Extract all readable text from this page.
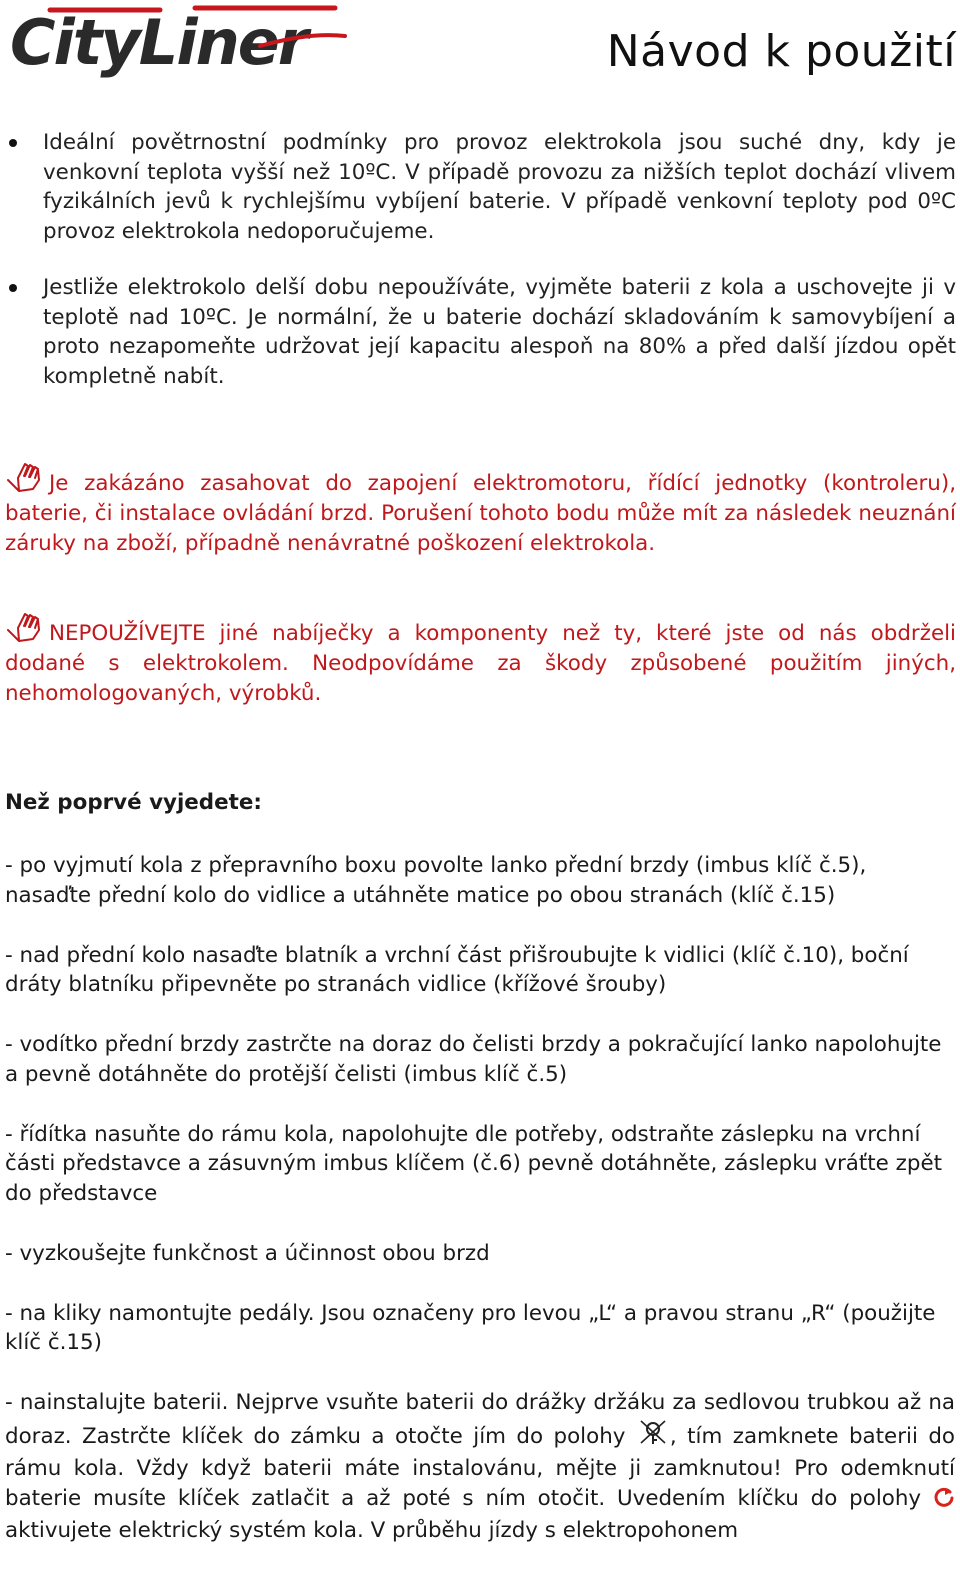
CityLiner	Návod k použití

Ideální povětrnostní podmínky pro provoz elektrokola jsou suché dny, kdy je venkovní teplota vyšší než 10ºC. V případě provozu za nižších teplot dochází vlivem fyzikálních jevů k rychlejšímu vybíjení baterie. V případě venkovní teploty pod 0ºC provoz elektrokola nedoporučujeme.

Jestliže elektrokolo delší dobu nepoužíváte, vyjměte baterii z kola a uschovejte ji v teplotě nad 10ºC. Je normální, že u baterie dochází skladováním k samovybíjení a proto nezapomeňte udržovat její kapacitu alespoň na 80% a před další jízdou opět kompletně nabít.

Je zakázáno zasahovat do zapojení elektromotoru, řídící jednotky (kontroleru), baterie, či instalace ovládání brzd. Porušení tohoto bodu může mít za následek neuznání záruky na zboží, případně nenávratné poškození elektrokola.

NEPOUŽÍVEJTE jiné nabíječky a komponenty než ty, které jste od nás obdrželi dodané s elektrokolem. Neodpovídáme za škody způsobené použitím jiných, nehomologovaných, výrobků.

Než poprvé vyjedete:

- po vyjmutí kola z přepravního boxu povolte lanko přední brzdy (imbus klíč č.5), nasaďte přední kolo do vidlice a utáhněte matice po obou stranách (klíč č.15)

- nad přední kolo nasaďte blatník a vrchní část přišroubujte k vidlici (klíč č.10), boční dráty blatníku připevněte po stranách vidlice (křížové šrouby)

- vodítko přední brzdy zastrčte na doraz do čelisti brzdy a pokračující lanko napolohujte a pevně dotáhněte do protější čelisti (imbus klíč č.5)

- řídítka nasuňte do rámu kola, napolohujte dle potřeby, odstraňte záslepku na vrchní části představce a zásuvným imbus klíčem (č.6) pevně dotáhněte, záslepku vráťte zpět do představce

- vyzkoušejte funkčnost a účinnost obou brzd

- na kliky namontujte pedály. Jsou označeny pro levou „L“ a pravou stranu „R“ (použijte klíč č.15)

- nainstalujte baterii. Nejprve vsuňte baterii do drážky držáku za sedlovou trubkou až na doraz. Zastrčte klíček do zámku a otočte jím do polohy , tím zamknete baterii do rámu kola. Vždy když baterii máte instalovánu, mějte ji zamknutou! Pro odemknutí baterie musíte klíček zatlačit a až poté s ním otočit. Uvedením klíčku do polohy  aktivujete elektrický systém kola. V průběhu jízdy s elektropohonem
